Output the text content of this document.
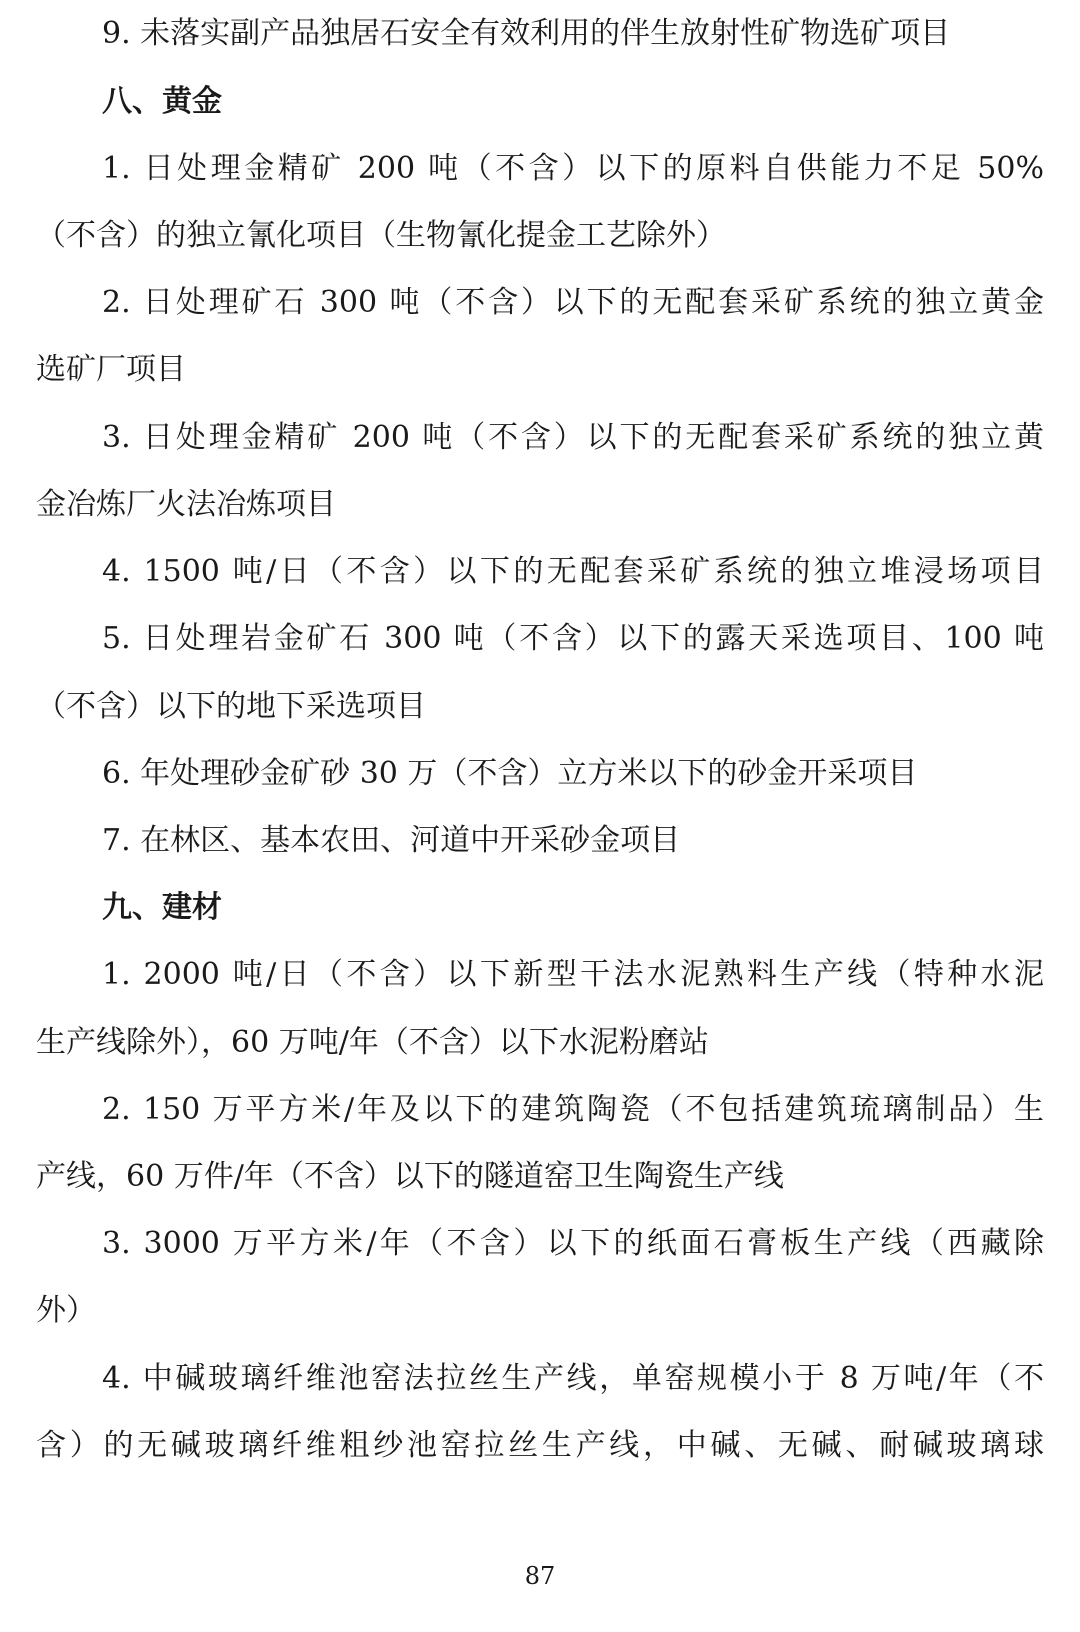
9. 未落实副产品独居石安全有效利用的伴生放射性矿物选矿项目
八、黄金
1. 日处理金精矿 200 吨（不含）以下的原料自供能力不足 50%
（不含）的独立氰化项目（生物氰化提金工艺除外）
2. 日处理矿石 300 吨（不含）以下的无配套采矿系统的独立黄金
选矿厂项目
3. 日处理金精矿 200 吨（不含）以下的无配套采矿系统的独立黄
金冶炼厂火法冶炼项目
4. 1500 吨/日（不含）以下的无配套采矿系统的独立堆浸场项目
5. 日处理岩金矿石 300 吨（不含）以下的露天采选项目、100 吨
（不含）以下的地下采选项目
6. 年处理砂金矿砂 30 万（不含）立方米以下的砂金开采项目
7. 在林区、基本农田、河道中开采砂金项目
九、建材
1. 2000 吨/日（不含）以下新型干法水泥熟料生产线（特种水泥
生产线除外），60 万吨/年（不含）以下水泥粉磨站
2. 150 万平方米/年及以下的建筑陶瓷（不包括建筑琉璃制品）生
产线，60 万件/年（不含）以下的隧道窑卫生陶瓷生产线
3. 3000 万平方米/年（不含）以下的纸面石膏板生产线（西藏除
外）
4. 中碱玻璃纤维池窑法拉丝生产线，单窑规模小于 8 万吨/年（不
含）的无碱玻璃纤维粗纱池窑拉丝生产线，中碱、无碱、耐碱玻璃球
87
